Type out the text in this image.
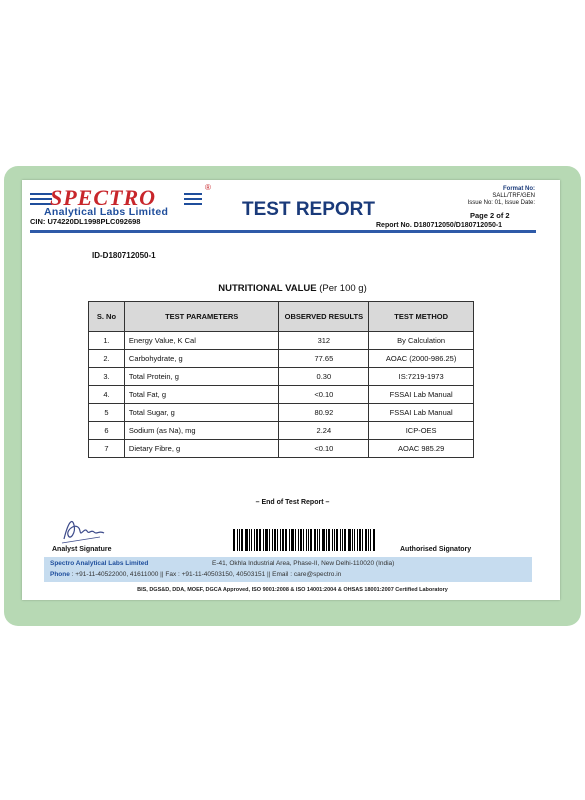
SPECTRO	®
Analytical Labs Limited
CIN: U74220DL1998PLC092698
TEST REPORT
Format No:
SALL/TRF/GEN
Issue No: 01, Issue Date:
Page 2 of 2
Report No. D180712050/D180712050-1
ID-D180712050-1
NUTRITIONAL VALUE (Per 100 g)
S. No	TEST PARAMETERS	OBSERVED RESULTS	TEST METHOD
1.	Energy Value, K Cal	312	By Calculation
2.	Carbohydrate, g	77.65	AOAC (2000-986.25)
3.	Total Protein, g	0.30	IS:7219-1973
4.	Total Fat, g	<0.10	FSSAI Lab Manual
5	Total Sugar, g	80.92	FSSAI Lab Manual
6	Sodium (as Na), mg	2.24	ICP-OES
7	Dietary Fibre, g	<0.10	AOAC 985.29
– End of Test Report –
Analyst Signature	Authorised Signatory
Spectro Analytical Labs Limited	E-41, Okhla Industrial Area, Phase-II, New Delhi-110020 (India)
Phone : +91-11-40522000, 41611000 || Fax : +91-11-40503150, 40503151 || Email : care@spectro.in
BIS, DGS&D, DDA, MOEF, DGCA Approved, ISO 9001:2008 & ISO 14001:2004 & OHSAS 18001:2007 Certified Laboratory
